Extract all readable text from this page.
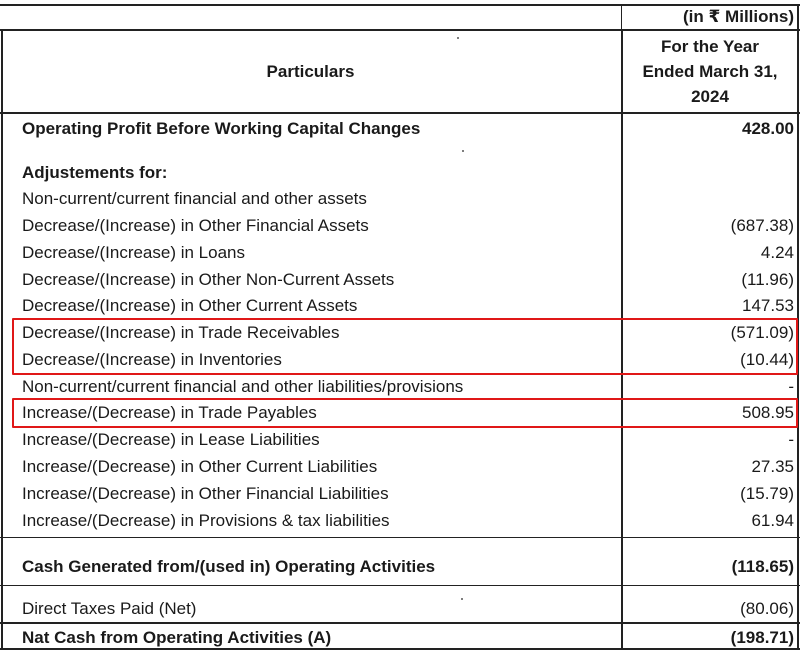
(in ₹ Millions)
Particulars
For the Year
Ended March 31,
2024
Operating Profit Before Working Capital Changes	428.00
Adjustements for:
Non-current/current financial and other assets
Decrease/(Increase) in Other Financial Assets	(687.38)
Decrease/(Increase) in Loans	4.24
Decrease/(Increase) in Other Non-Current Assets	(11.96)
Decrease/(Increase) in Other Current Assets	147.53
Decrease/(Increase) in Trade Receivables	(571.09)
Decrease/(Increase) in Inventories	(10.44)
Non-current/current financial and other liabilities/provisions	-
Increase/(Decrease) in Trade Payables	508.95
Increase/(Decrease) in Lease Liabilities	-
Increase/(Decrease) in Other Current Liabilities	27.35
Increase/(Decrease) in Other Financial Liabilities	(15.79)
Increase/(Decrease) in Provisions & tax liabilities	61.94
Cash Generated from/(used in) Operating Activities	(118.65)
Direct Taxes Paid (Net)	(80.06)
Nat Cash from Operating Activities (A)	(198.71)
